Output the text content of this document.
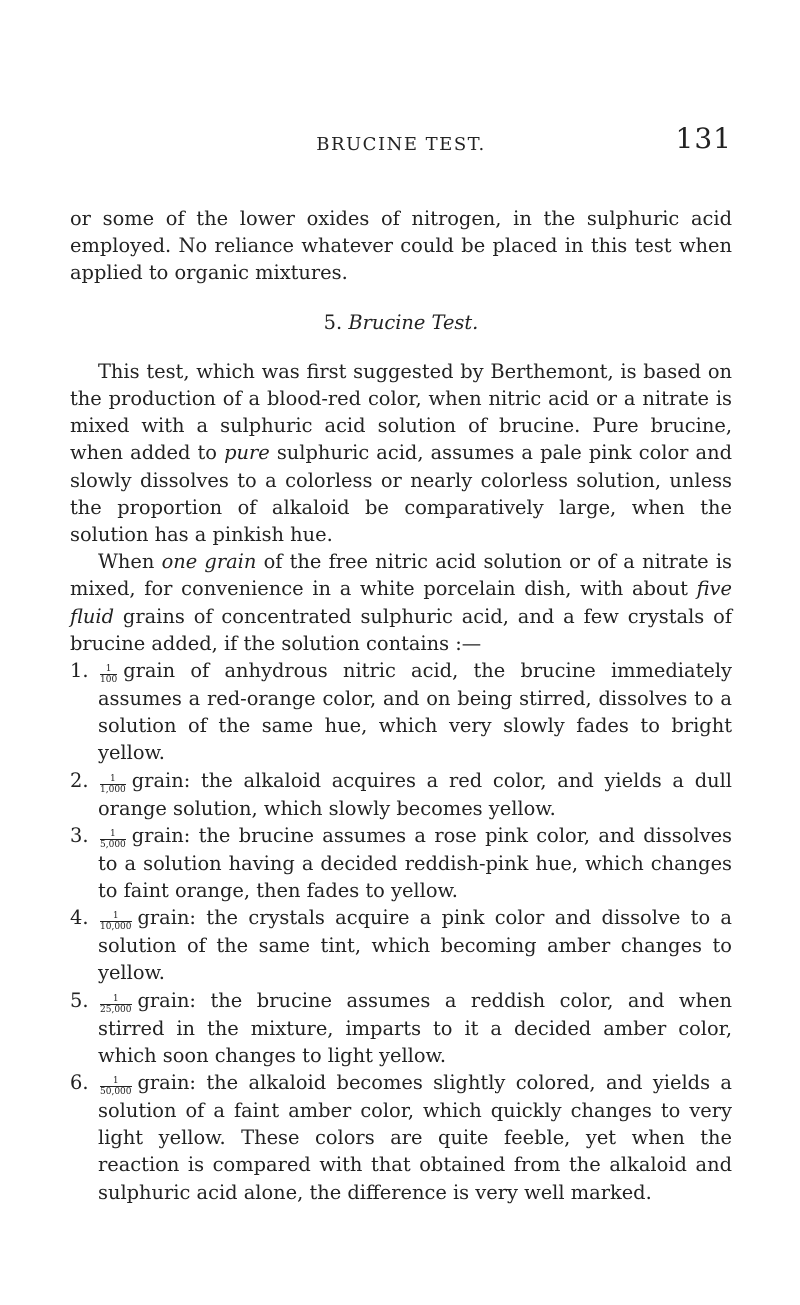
BRUCINE TEST.	131

or some of the lower oxides of nitrogen, in the sulphuric acid employed. No reliance whatever could be placed in this test when applied to organic mixtures.

5. Brucine Test.

This test, which was first suggested by Berthemont, is based on the production of a blood-red color, when nitric acid or a nitrate is mixed with a sulphuric acid solution of brucine. Pure brucine, when added to pure sulphuric acid, assumes a pale pink color and slowly dissolves to a colorless or nearly colorless solution, unless the proportion of alkaloid be comparatively large, when the solution has a pinkish hue.

When one grain of the free nitric acid solution or of a nitrate is mixed, for convenience in a white porcelain dish, with about five fluid grains of concentrated sulphuric acid, and a few crystals of brucine added, if the solution contains :—

1. $\frac{1}{100}$ grain of anhydrous nitric acid, the brucine immediately assumes a red-orange color, and on being stirred, dissolves to a solution of the same hue, which very slowly fades to bright yellow.
2. $\frac{1}{1,000}$ grain: the alkaloid acquires a red color, and yields a dull orange solution, which slowly becomes yellow.
3. $\frac{1}{5,000}$ grain: the brucine assumes a rose pink color, and dissolves to a solution having a decided reddish-pink hue, which changes to faint orange, then fades to yellow.
4. $\frac{1}{10,000}$ grain: the crystals acquire a pink color and dissolve to a solution of the same tint, which becoming amber changes to yellow.
5. $\frac{1}{25,000}$ grain: the brucine assumes a reddish color, and when stirred in the mixture, imparts to it a decided amber color, which soon changes to light yellow.
6. $\frac{1}{50,000}$ grain: the alkaloid becomes slightly colored, and yields a solution of a faint amber color, which quickly changes to very light yellow. These colors are quite feeble, yet when the reaction is compared with that obtained from the alkaloid and sulphuric acid alone, the difference is very well marked.
